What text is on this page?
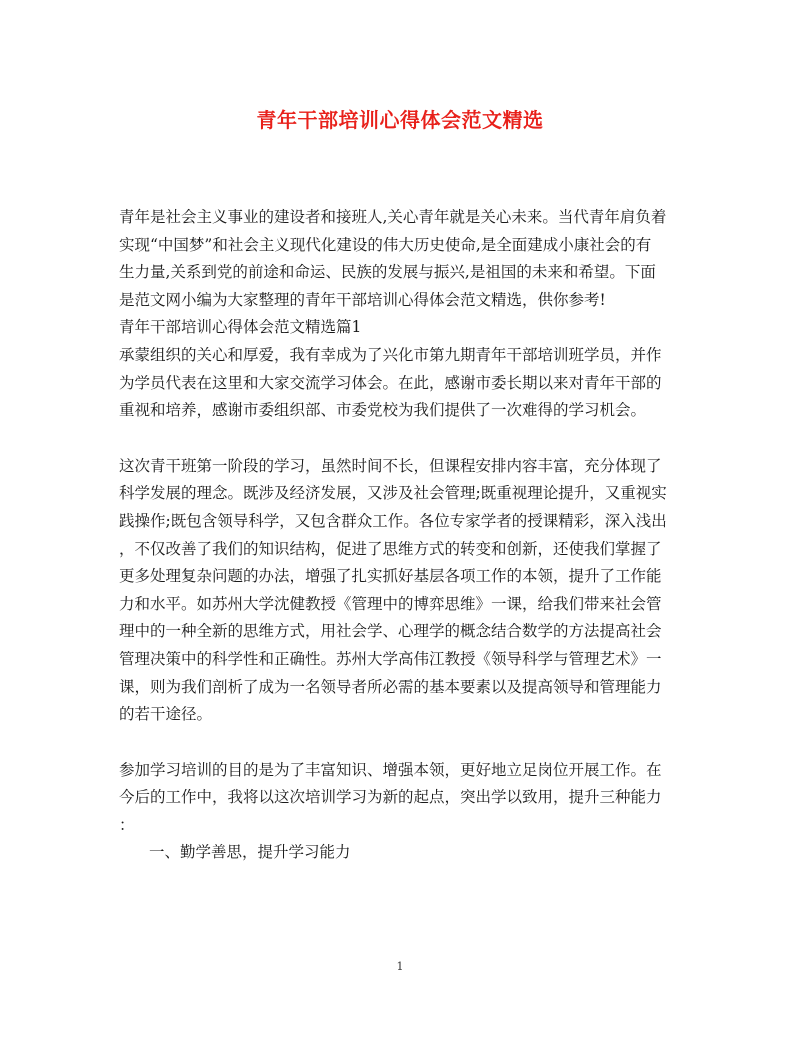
青年干部培训心得体会范文精选
青年是社会主义事业的建设者和接班人,关心青年就是关心未来。当代青年肩负着
实现“中国梦”和社会主义现代化建设的伟大历史使命,是全面建成小康社会的有
生力量,关系到党的前途和命运、民族的发展与振兴,是祖国的未来和希望。下面
是范文网小编为大家整理的青年干部培训心得体会范文精选，供你参考!
青年干部培训心得体会范文精选篇1
承蒙组织的关心和厚爱，我有幸成为了兴化市第九期青年干部培训班学员，并作
为学员代表在这里和大家交流学习体会。在此，感谢市委长期以来对青年干部的
重视和培养，感谢市委组织部、市委党校为我们提供了一次难得的学习机会。
这次青干班第一阶段的学习，虽然时间不长，但课程安排内容丰富，充分体现了
科学发展的理念。既涉及经济发展，又涉及社会管理;既重视理论提升，又重视实
践操作;既包含领导科学，又包含群众工作。各位专家学者的授课精彩，深入浅出
，不仅改善了我们的知识结构，促进了思维方式的转变和创新，还使我们掌握了
更多处理复杂问题的办法，增强了扎实抓好基层各项工作的本领，提升了工作能
力和水平。如苏州大学沈健教授《管理中的博弈思维》一课，给我们带来社会管
理中的一种全新的思维方式，用社会学、心理学的概念结合数学的方法提高社会
管理决策中的科学性和正确性。苏州大学高伟江教授《领导科学与管理艺术》一
课，则为我们剖析了成为一名领导者所必需的基本要素以及提高领导和管理能力
的若干途径。
参加学习培训的目的是为了丰富知识、增强本领，更好地立足岗位开展工作。在
今后的工作中，我将以这次培训学习为新的起点，突出学以致用，提升三种能力
：
一、勤学善思，提升学习能力
1
